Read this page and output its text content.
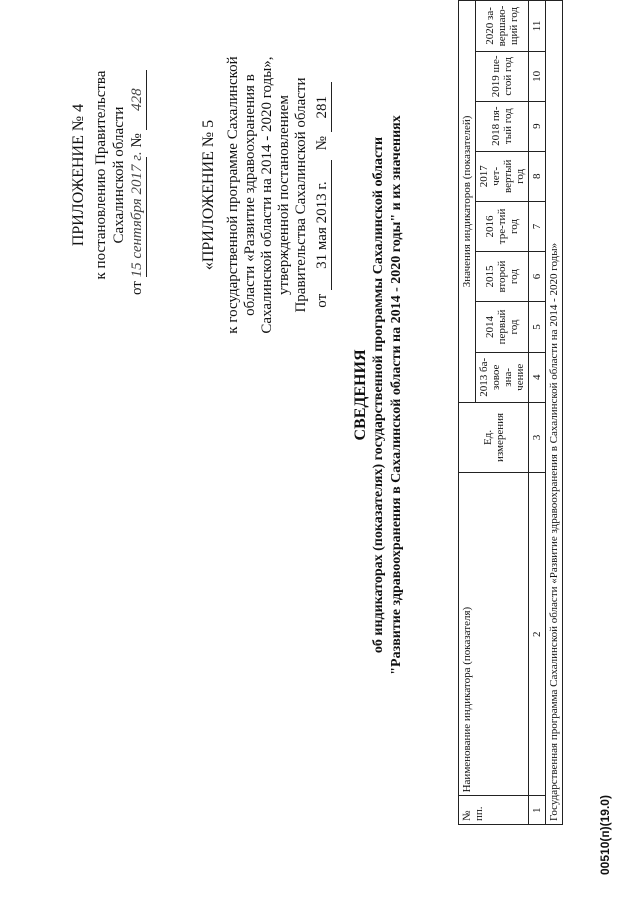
ПРИЛОЖЕНИЕ № 4 к постановлению Правительства Сахалинской области
от 15 сентября 2017 г. № 428
«ПРИЛОЖЕНИЕ № 5 к государственной программе Сахалинской области «Развитие здравоохранения в Сахалинской области на 2014 - 2020 годы», утвержденной постановлением Правительства Сахалинской области от 31 мая 2013 г. № 281
СВЕДЕНИЯ об индикаторах (показателях) государственной программы Сахалинской области "Развитие здравоохранения в Сахалинской области на 2014 - 2020 годы" и их значениях
№ пп.	Наименование индикатора (показателя)	Ед. измерения	Значения индикаторов (показателей)							
			2013 ба-зовое зна-чение	2014 первый год	2015 второй год	2016 тре-тий год	2017 чет-вертый год	2018 пя-тый год	2019 ше-стой год	2020 за-вершаю-щий год
1	2	3	4	5	6	7	8	9	10	11
Государственная программа Сахалинской области «Развитие здравоохранения в Сахалинской области на 2014 - 2020 годы»										
00510(п)(19.0)
